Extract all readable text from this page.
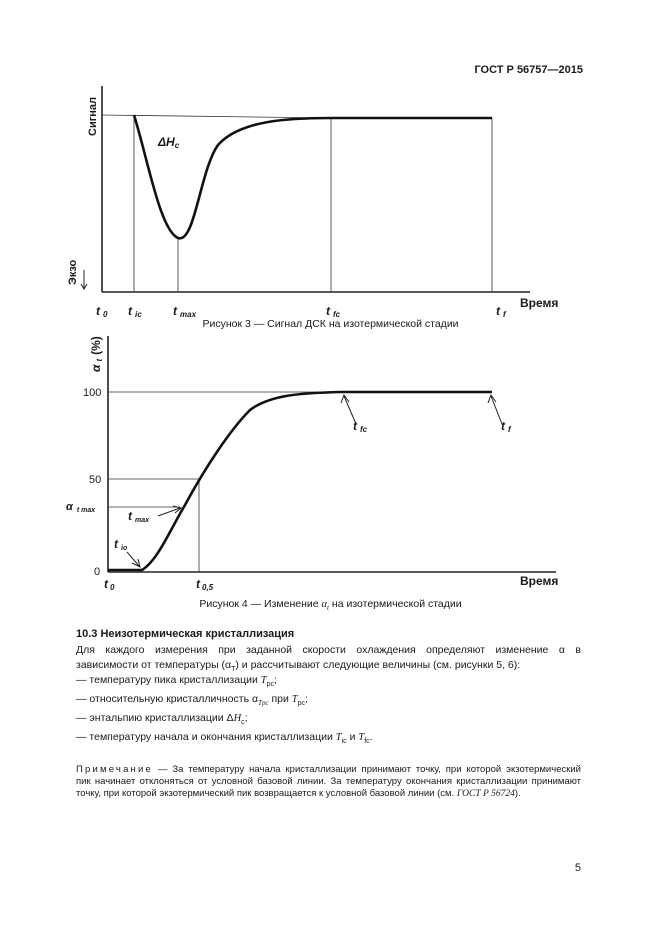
ГОСТ Р 56757—2015
Сигнал
Экзо
ΔHc
Время
t 0 tic	tmax	tfc	tf
Рисунок 3 — Сигнал ДСК на изотермической стадии
100
50
0
αt(%)
αt max
tfc	tf
tmax
tio
Время
t 0	t 0,5
Рисунок 4 — Изменение $\alpha_t$ на изотермической стадии
10.3 Неизотермическая кристаллизация
Для каждого измерения при заданной скорости охлаждения определяют изменение α в
зависимости от температуры $(\alpha_T)$ и рассчитывают следующие величины (см. рисунки 5, 6):
— температуру пика кристаллизации $T_{pc}$;
— относительную кристалличность $\alpha_{Tpc}$ при $T_{pc}$;
— энтальпию кристаллизации $\Delta H_c$;
— температуру начала и окончания кристаллизации $T_{ic}$ и $T_{fc}$.
Примечание — За температуру начала кристаллизации принимают точку, при которой экзотермический
пик начинает отклоняться от условной базовой линии. За температуру окончания кристаллизации принимают
точку, при которой экзотермический пик возвращается к условной базовой линии (см. ГОСТ Р 56724).
5
